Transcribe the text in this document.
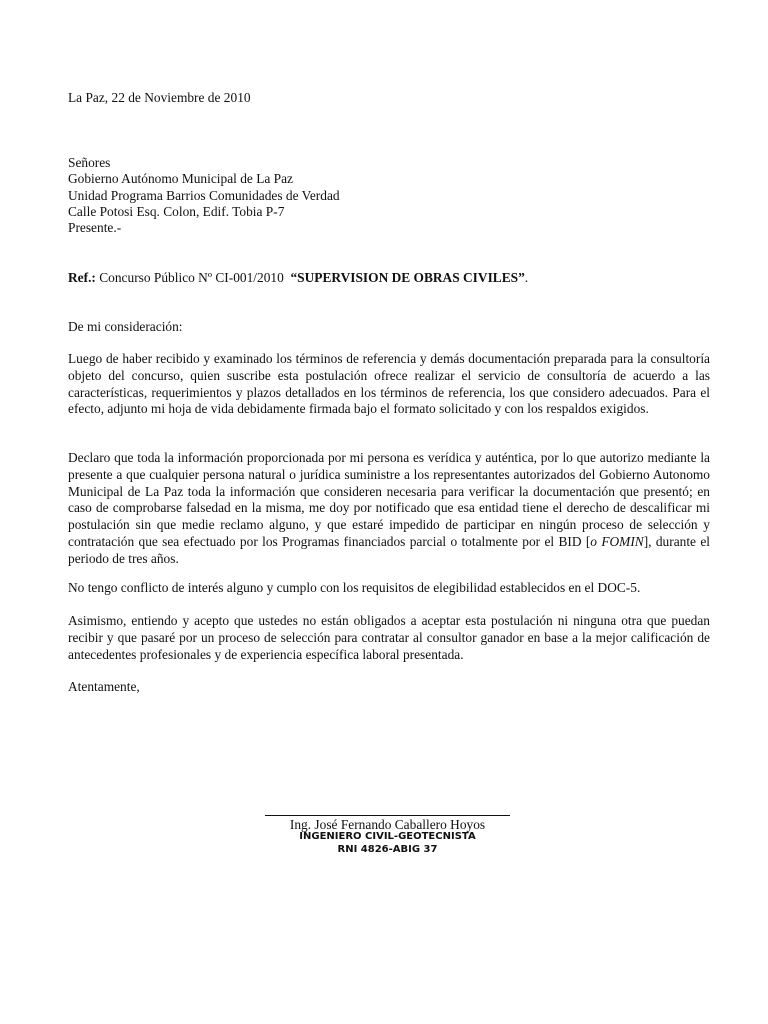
La Paz, 22 de Noviembre de 2010
Señores
Gobierno Autónomo Municipal de La Paz
Unidad Programa Barrios Comunidades de Verdad
Calle Potosi Esq. Colon, Edif. Tobia P-7
Presente.-
Ref.: Concurso Público Nº CI-001/2010  “SUPERVISION DE OBRAS CIVILES”.
De mi consideración:
Luego de haber recibido y examinado los términos de referencia y demás documentación preparada para la consultoría objeto del concurso, quien suscribe esta postulación ofrece realizar el servicio de consultoría de acuerdo a las características, requerimientos y plazos detallados en los términos de referencia, los que considero adecuados. Para el efecto, adjunto mi hoja de vida debidamente firmada bajo el formato solicitado y con los respaldos exigidos.
Declaro que toda la información proporcionada por mi persona es verídica y auténtica, por lo que autorizo mediante la presente a que cualquier persona natural o jurídica suministre a los representantes autorizados del Gobierno Autonomo Municipal de La Paz toda la información que consideren necesaria para verificar la documentación que presentó; en caso de comprobarse falsedad en la misma, me doy por notificado que esa entidad tiene el derecho de descalificar mi postulación sin que medie reclamo alguno, y que estaré impedido de participar en ningún proceso de selección y contratación que sea efectuado por los Programas financiados parcial o totalmente por el BID [o FOMIN], durante el periodo de tres años.
No tengo conflicto de interés alguno y cumplo con los requisitos de elegibilidad establecidos en el DOC-5.
Asimismo, entiendo y acepto que ustedes no están obligados a aceptar esta postulación ni ninguna otra que puedan recibir y que pasaré por un proceso de selección para contratar al consultor ganador en base a la mejor calificación de antecedentes profesionales y de experiencia específica laboral presentada.
Atentamente,
Ing. José Fernando Caballero Hoyos
INGENIERO CIVIL-GEOTECNISTA
RNI 4826-ABIG 37
